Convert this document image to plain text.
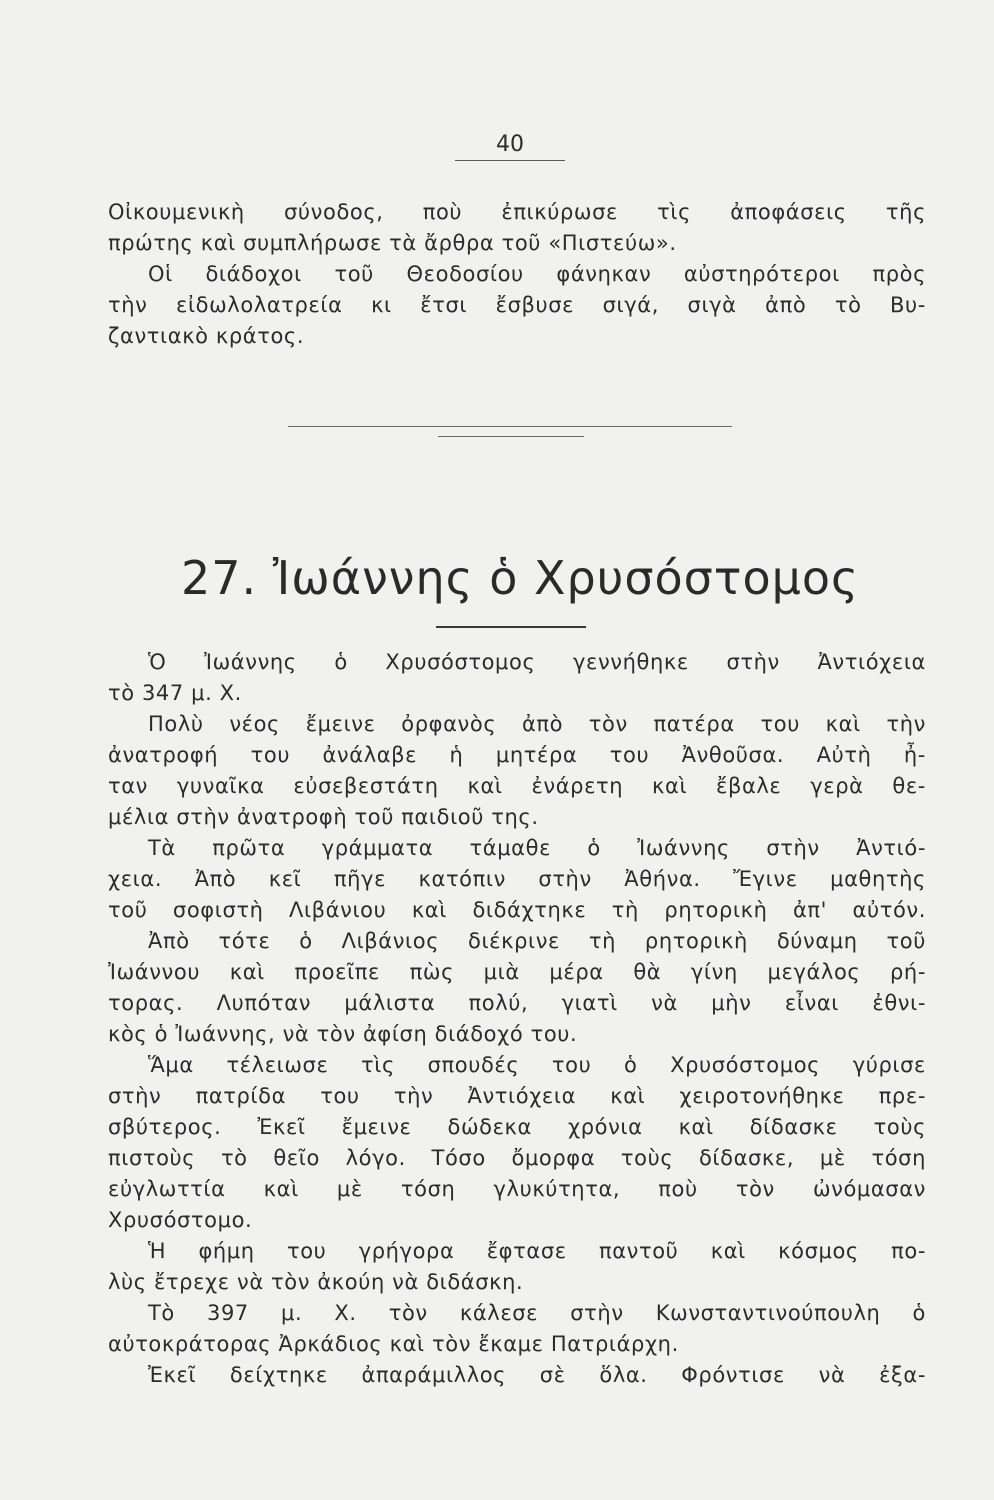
40
Οἰκουμενικὴ σύνοδος, ποὺ ἐπικύρωσε τὶς ἀποφάσεις τῆς
πρώτης καὶ συμπλήρωσε τὰ ἄρθρα τοῦ «Πιστεύω».
Οἱ διάδοχοι τοῦ Θεοδοσίου φάνηκαν αὐστηρότεροι πρὸς
τὴν εἰδωλολατρεία κι ἔτσι ἔσβυσε σιγά, σιγὰ ἀπὸ τὸ Βυ-
ζαντιακὸ κράτος.
27. Ἰωάννης ὁ Χρυσόστομος
Ὁ Ἰωάννης ὁ Χρυσόστομος γεννήθηκε στὴν Ἀντιόχεια
τὸ 347 μ. Χ.
Πολὺ νέος ἔμεινε ὀρφανὸς ἀπὸ τὸν πατέρα του καὶ τὴν
ἀνατροφή του ἀνάλαβε ἡ μητέρα του Ἀνθοῦσα. Αὐτὴ ἦ-
ταν γυναῖκα εὐσεβεστάτη καὶ ἐνάρετη καὶ ἔβαλε γερὰ θε-
μέλια στὴν ἀνατροφὴ τοῦ παιδιοῦ της.
Τὰ πρῶτα γράμματα τάμαθε ὁ Ἰωάννης στὴν Ἀντιό-
χεια. Ἀπὸ κεῖ πῆγε κατόπιν στὴν Ἀθήνα. Ἔγινε μαθητὴς
τοῦ σοφιστὴ Λιβάνιου καὶ διδάχτηκε τὴ ρητορικὴ ἀπ' αὐτόν.
Ἀπὸ τότε ὁ Λιβάνιος διέκρινε τὴ ρητορικὴ δύναμη τοῦ
Ἰωάννου καὶ προεῖπε πὼς μιὰ μέρα θὰ γίνη μεγάλος ρή-
τορας. Λυπόταν μάλιστα πολύ, γιατὶ νὰ μὴν εἶναι ἐθνι-
κὸς ὁ Ἰωάννης, νὰ τὸν ἀφίση διάδοχό του.
Ἅμα τέλειωσε τὶς σπουδές του ὁ Χρυσόστομος γύρισε
στὴν πατρίδα του τὴν Ἀντιόχεια καὶ χειροτονήθηκε πρε-
σβύτερος. Ἐκεῖ ἔμεινε δώδεκα χρόνια καὶ δίδασκε τοὺς
πιστοὺς τὸ θεῖο λόγο. Τόσο ὄμορφα τοὺς δίδασκε, μὲ τόση
εὐγλωττία καὶ μὲ τόση γλυκύτητα, ποὺ τὸν ὠνόμασαν
Χρυσόστομο.
Ἡ φήμη του γρήγορα ἔφτασε παντοῦ καὶ κόσμος πο-
λὺς ἔτρεχε νὰ τὸν ἀκούη νὰ διδάσκη.
Τὸ 397 μ. Χ. τὸν κάλεσε στὴν Κωνσταντινούπουλη ὁ
αὐτοκράτορας Ἀρκάδιος καὶ τὸν ἔκαμε Πατριάρχη.
Ἐκεῖ δείχτηκε ἀπαράμιλλος σὲ ὅλα. Φρόντισε νὰ ἐξα-
